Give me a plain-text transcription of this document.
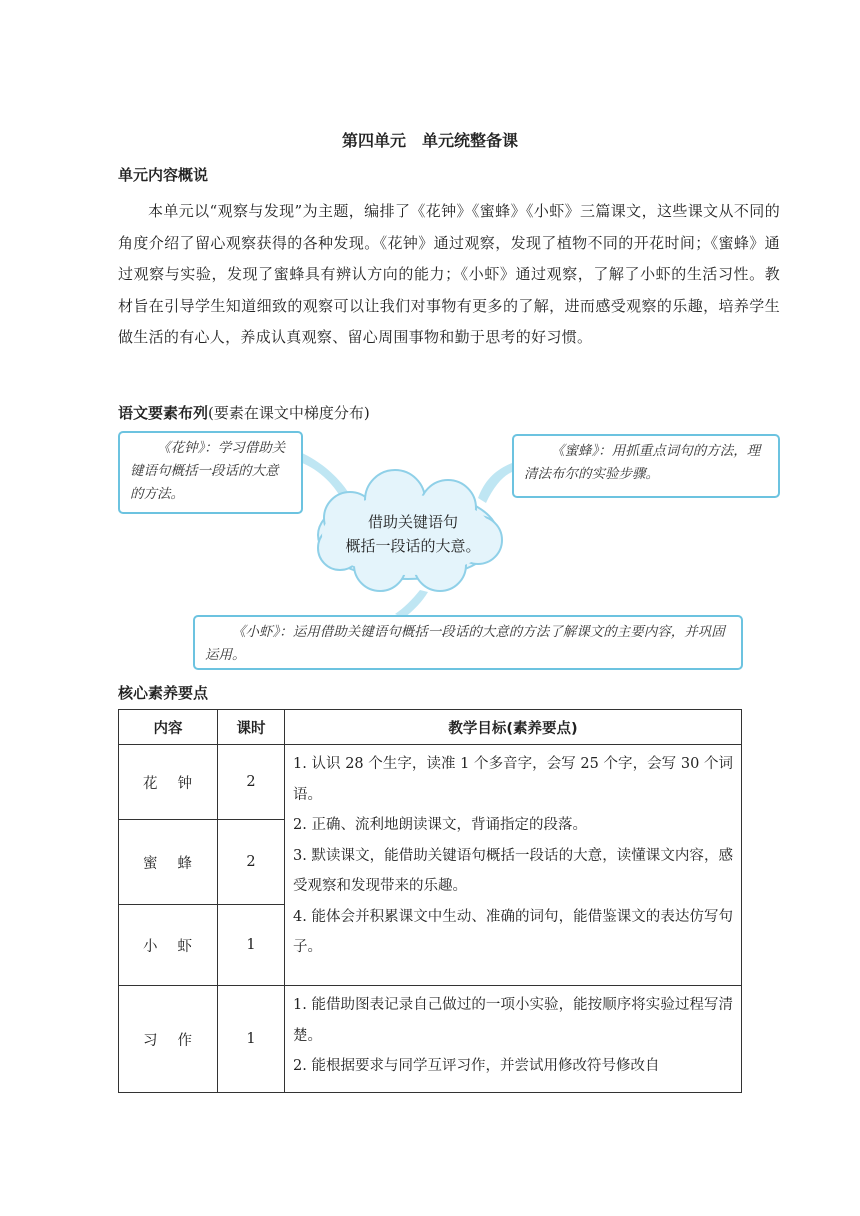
第四单元　单元统整备课
单元内容概说
本单元以“观察与发现”为主题，编排了《花钟》《蜜蜂》《小虾》三篇课文，这些课文从不同的角度介绍了留心观察获得的各种发现。《花钟》通过观察，发现了植物不同的开花时间；《蜜蜂》通过观察与实验，发现了蜜蜂具有辨认方向的能力；《小虾》通过观察，了解了小虾的生活习性。教材旨在引导学生知道细致的观察可以让我们对事物有更多的了解，进而感受观察的乐趣，培养学生做生活的有心人，养成认真观察、留心周围事物和勤于思考的好习惯。
语文要素布列(要素在课文中梯度分布)
借助关键语句
概括一段话的大意。
《花钟》：学习借助关键语句概括一段话的大意的方法。
《蜜蜂》：用抓重点词句的方法，理清法布尔的实验步骤。
《小虾》：运用借助关键语句概括一段话的大意的方法了解课文的主要内容，并巩固运用。
核心素养要点
内容	课时	教学目标(素养要点)
花钟	2	1. 认识 28 个生字，读准 1 个多音字，会写 25 个字，会写 30 个词语。
2. 正确、流利地朗读课文，背诵指定的段落。
3. 默读课文，能借助关键语句概括一段话的大意，读懂课文内容，感受观察和发现带来的乐趣。
4. 能体会并积累课文中生动、准确的词句，能借鉴课文的表达仿写句子。

蜜蜂	2	
小虾	1	
习作	1	1. 能借助图表记录自己做过的一项小实验，能按顺序将实验过程写清楚。
2. 能根据要求与同学互评习作，并尝试用修改符号修改自
